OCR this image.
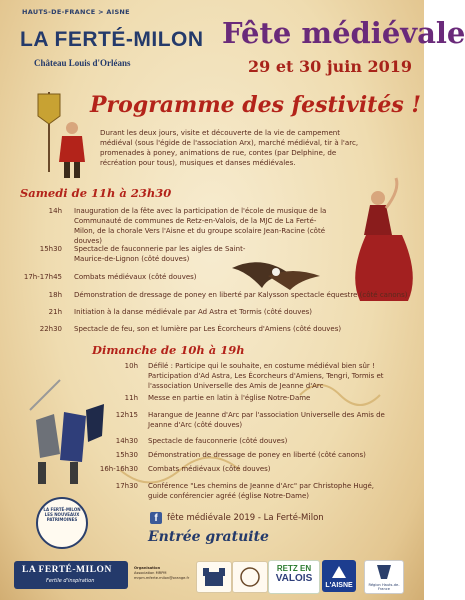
HAUTS-DE-FRANCE > AISNE
LA FERTÉ-MILON
Château Louis d'Orléans
Fête médiévale
29 et 30 juin 2019
Programme des festivités !
Durant les deux jours, visite et découverte de la vie de campement médiéval (sous l'égide de l'association Arx), marché médiéval, tir à l'arc, promenades à poney, animations de rue, contes (par Delphine, de récréation pour tous), musiques et danses médiévales.
Samedi de 11h à 23h30
14h Inauguration de la fête avec la participation de l'école de musique de la Communauté de communes de Retz-en-Valois, de la MJC de La Ferté-Milon, de la chorale Vers l'Aisne et du groupe scolaire Jean-Racine (côté douves)
15h30 Spectacle de fauconnerie par les aigles de Saint-Maurice-de-Lignon (côté douves)
17h-17h45 Combats médiévaux (côté douves)
18h Démonstration de dressage de poney en liberté par Kalysson spectacle équestre (côté canons)
21h Initiation à la danse médiévale par Ad Astra et Tormis (côté douves)
22h30 Spectacle de feu, son et lumière par Les Écorcheurs d'Amiens (côté douves)
Dimanche de 10h à 19h
10h Défilé : Participe qui le souhaite, en costume médiéval bien sûr ! Participation d'Ad Astra, Les Écorcheurs d'Amiens, Tengri, Tormis et l'association Universelle des Amis de Jeanne d'Arc
11h Messe en partie en latin à l'église Notre-Dame
12h15 Harangue de Jeanne d'Arc par l'association Universelle des Amis de Jeanne d'Arc (côté douves)
14h30 Spectacle de fauconnerie (côté douves)
15h30 Démonstration de dressage de poney en liberté (côté canons)
16h-16h30 Combats médiévaux (côté douves)
17h30 Conférence "Les chemins de Jeanne d'Arc" par Christophe Hugé, guide conférencier agréé (église Notre-Dame)
LA FERTÉ-MILON LES NOUVEAUX PATRIMOINES	f	fête médiévale 2019 - La Ferté-Milon
Entrée gratuite
LA FERTÉ-MILON
Fertile d'inspiration
Organisation
Association MRPM
mrpm.mferte.milon@orange.fr
RETZ EN
VALOIS
L'AISNE	Région Hauts-de-France
